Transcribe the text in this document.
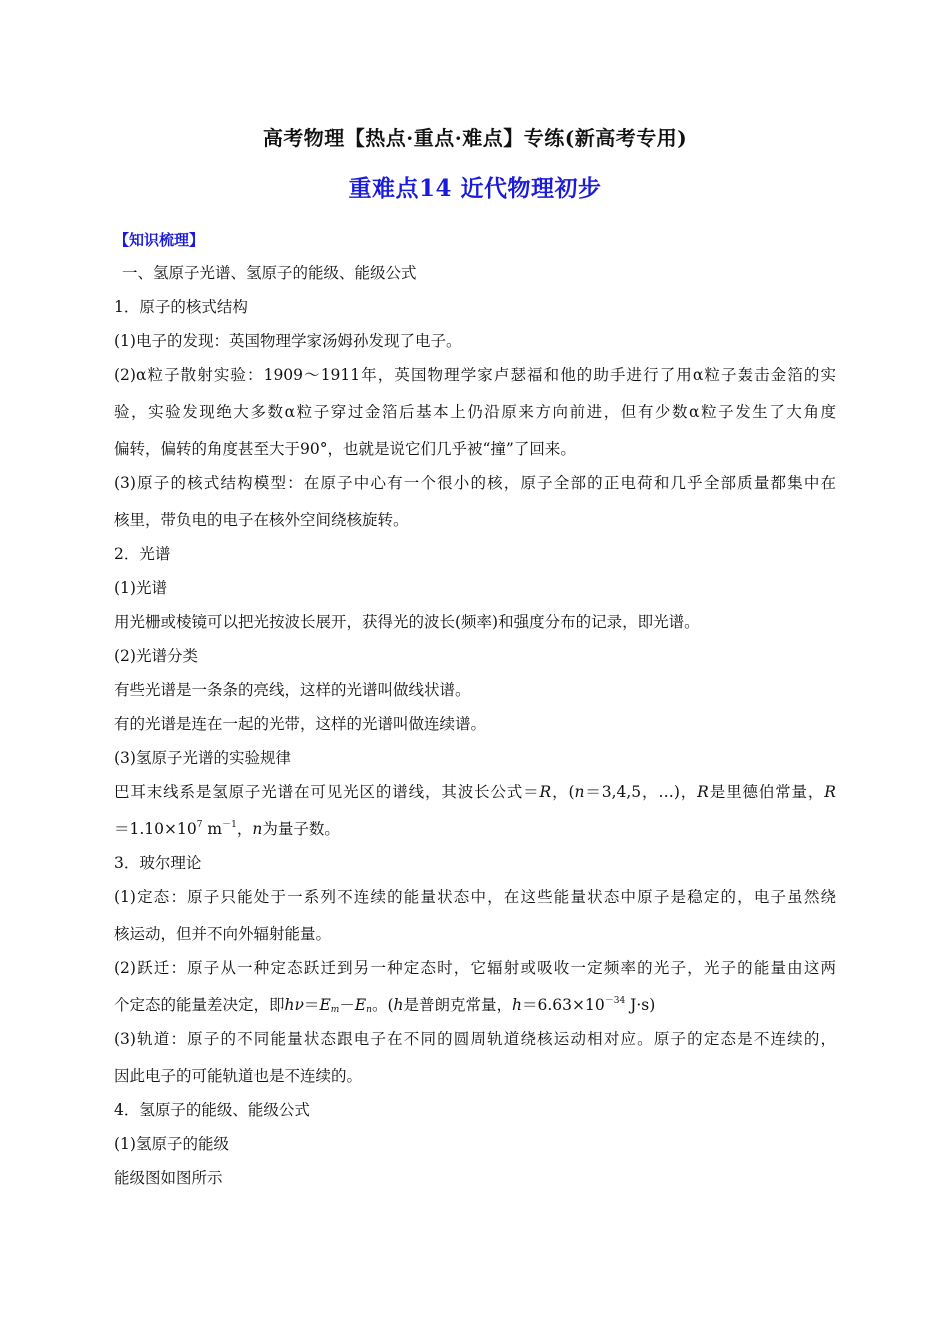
高考物理【热点·重点·难点】专练(新高考专用)
重难点14 近代物理初步
【知识梳理】
一、氢原子光谱、氢原子的能级、能级公式
1．原子的核式结构
(1)电子的发现：英国物理学家汤姆孙发现了电子。
(2)α粒子散射实验：1909～1911年，英国物理学家卢瑟福和他的助手进行了用α粒子轰击金箔的实
验，实验发现绝大多数α粒子穿过金箔后基本上仍沿原来方向前进，但有少数α粒子发生了大角度
偏转，偏转的角度甚至大于90°，也就是说它们几乎被“撞”了回来。
(3)原子的核式结构模型：在原子中心有一个很小的核，原子全部的正电荷和几乎全部质量都集中在
核里，带负电的电子在核外空间绕核旋转。
2．光谱
(1)光谱
用光栅或棱镜可以把光按波长展开，获得光的波长(频率)和强度分布的记录，即光谱。
(2)光谱分类
有些光谱是一条条的亮线，这样的光谱叫做线状谱。
有的光谱是连在一起的光带，这样的光谱叫做连续谱。
(3)氢原子光谱的实验规律
巴耳末线系是氢原子光谱在可见光区的谱线，其波长公式＝R，(n＝3,4,5，…)，R是里德伯常量，R
$=1.10\times 10^7$ $m^{-1}$，n为量子数。
3．玻尔理论
(1)定态：原子只能处于一系列不连续的能量状态中，在这些能量状态中原子是稳定的，电子虽然绕
核运动，但并不向外辐射能量。
(2)跃迁：原子从一种定态跃迁到另一种定态时，它辐射或吸收一定频率的光子，光子的能量由这两
个定态的能量差决定，即$h\nu=E_m-E_n$。(h是普朗克常量，$h=6.63\times 10^{-34}$ J·s)
(3)轨道：原子的不同能量状态跟电子在不同的圆周轨道绕核运动相对应。原子的定态是不连续的，
因此电子的可能轨道也是不连续的。
4．氢原子的能级、能级公式
(1)氢原子的能级
能级图如图所示
